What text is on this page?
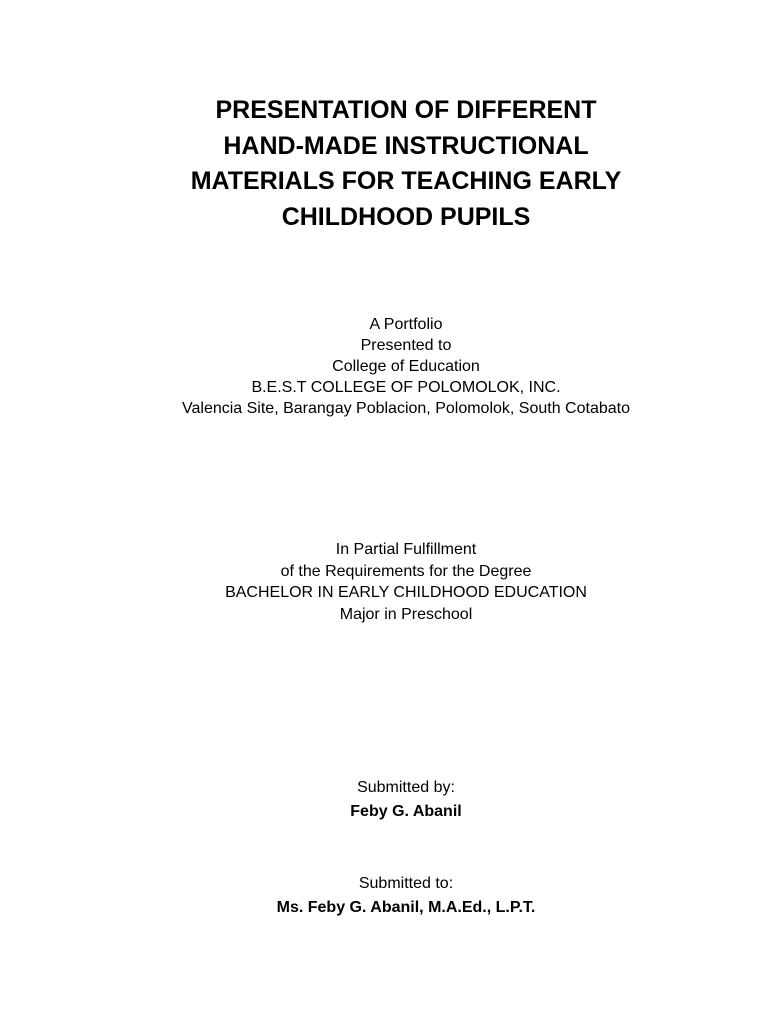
PRESENTATION OF DIFFERENT
HAND-MADE INSTRUCTIONAL
MATERIALS FOR TEACHING EARLY
CHILDHOOD PUPILS
A Portfolio
Presented to
College of Education
B.E.S.T COLLEGE OF POLOMOLOK, INC.
Valencia Site, Barangay Poblacion, Polomolok, South Cotabato
In Partial Fulfillment
of the Requirements for the Degree
BACHELOR IN EARLY CHILDHOOD EDUCATION
Major in Preschool
Submitted by:
Feby G. Abanil
Submitted to:
Ms. Feby G. Abanil, M.A.Ed., L.P.T.
